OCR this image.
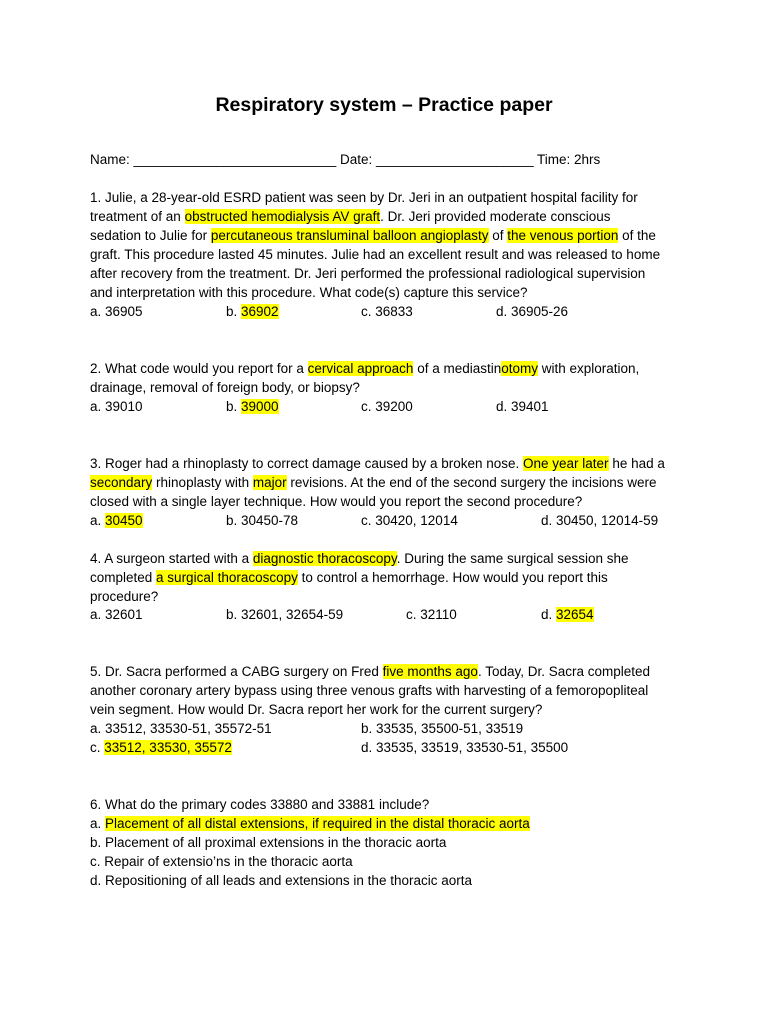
Respiratory system – Practice paper
Name: ___________________________ Date: _____________________ Time: 2hrs
1. Julie, a 28-year-old ESRD patient was seen by Dr. Jeri in an outpatient hospital facility for
treatment of an obstructed hemodialysis AV graft. Dr. Jeri provided moderate conscious
sedation to Julie for percutaneous transluminal balloon angioplasty of the venous portion of the
graft. This procedure lasted 45 minutes. Julie had an excellent result and was released to home
after recovery from the treatment. Dr. Jeri performed the professional radiological supervision
and interpretation with this procedure. What code(s) capture this service?
a. 36905	b. 36902	c. 36833	d. 36905-26
2. What code would you report for a cervical approach of a mediastinotomy with exploration,
drainage, removal of foreign body, or biopsy?
a. 39010	b. 39000	c. 39200	d. 39401
3. Roger had a rhinoplasty to correct damage caused by a broken nose. One year later he had a
secondary rhinoplasty with major revisions. At the end of the second surgery the incisions were
closed with a single layer technique. How would you report the second procedure?
a. 30450	b. 30450-78	c. 30420, 12014	d. 30450, 12014-59
4. A surgeon started with a diagnostic thoracoscopy. During the same surgical session she
completed a surgical thoracoscopy to control a hemorrhage. How would you report this
procedure?
a. 32601	b. 32601, 32654-59	c. 32110	d. 32654
5. Dr. Sacra performed a CABG surgery on Fred five months ago. Today, Dr. Sacra completed
another coronary artery bypass using three venous grafts with harvesting of a femoropopliteal
vein segment. How would Dr. Sacra report her work for the current surgery?
a. 33512, 33530-51, 35572-51	b. 33535, 35500-51, 33519
c. 33512, 33530, 35572	d. 33535, 33519, 33530-51, 35500
6. What do the primary codes 33880 and 33881 include?
a. Placement of all distal extensions, if required in the distal thoracic aorta
b. Placement of all proximal extensions in the thoracic aorta
c. Repair of extensio’ns in the thoracic aorta
d. Repositioning of all leads and extensions in the thoracic aorta
